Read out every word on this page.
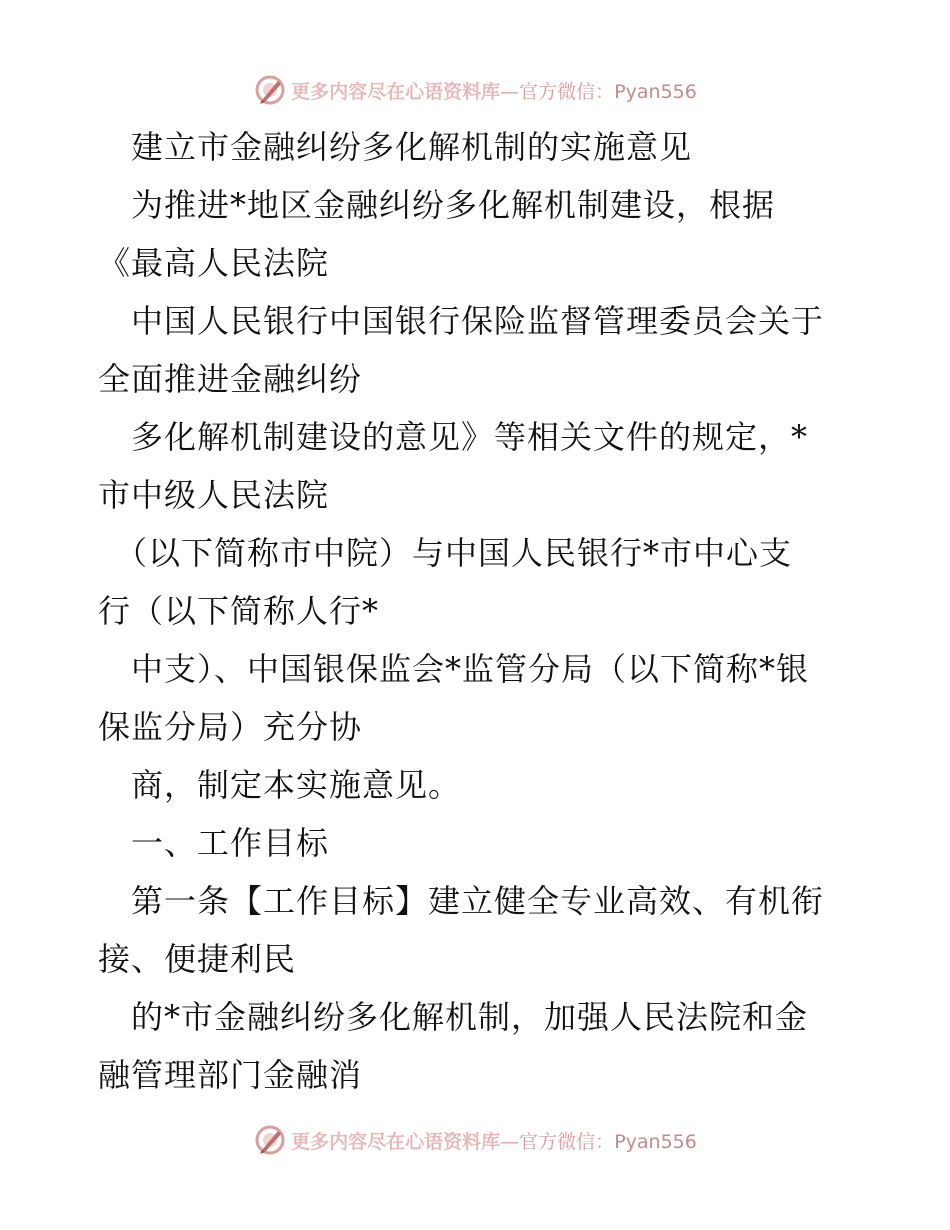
更多内容尽在心语资料库—官方微信：Pyan556
　建立市金融纠纷多化解机制的实施意见
　为推进*地区金融纠纷多化解机制建设，根据
《最高人民法院
　中国人民银行中国银行保险监督管理委员会关于
全面推进金融纠纷
　多化解机制建设的意见》等相关文件的规定，*
市中级人民法院
　（以下简称市中院）与中国人民银行*市中心支
行（以下简称人行*
　中支）、中国银保监会*监管分局（以下简称*银
保监分局）充分协
　商，制定本实施意见。
　一、工作目标
　第一条【工作目标】建立健全专业高效、有机衔
接、便捷利民
　的*市金融纠纷多化解机制，加强人民法院和金
融管理部门金融消
更多内容尽在心语资料库—官方微信：Pyan556
